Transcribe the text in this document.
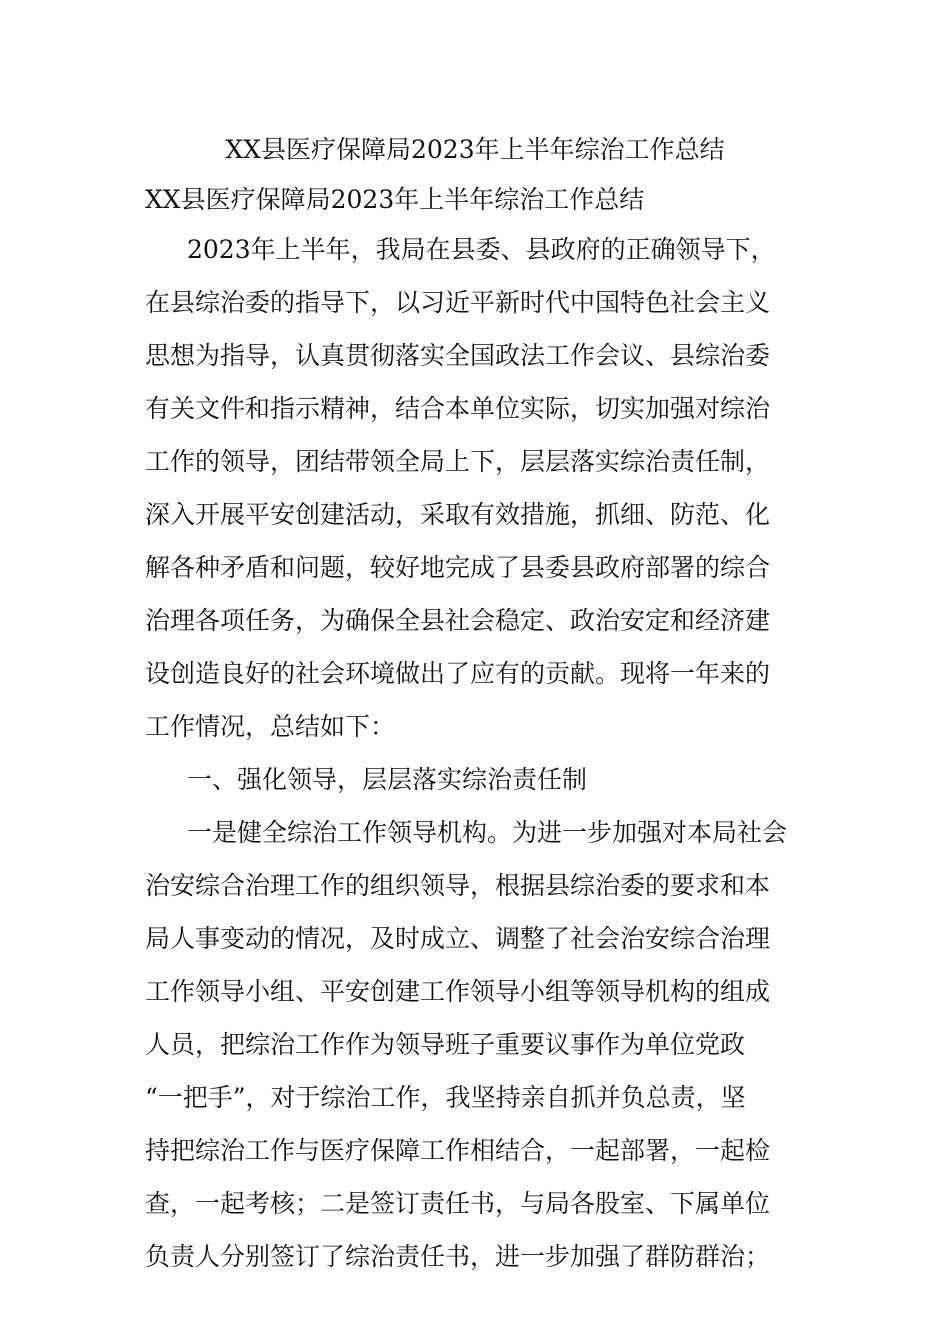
XX县医疗保障局2023年上半年综治工作总结
XX县医疗保障局2023年上半年综治工作总结
2023年上半年，我局在县委、县政府的正确领导下，
在县综治委的指导下，以习近平新时代中国特色社会主义
思想为指导，认真贯彻落实全国政法工作会议、县综治委
有关文件和指示精神，结合本单位实际，切实加强对综治
工作的领导，团结带领全局上下，层层落实综治责任制，
深入开展平安创建活动，采取有效措施，抓细、防范、化
解各种矛盾和问题，较好地完成了县委县政府部署的综合
治理各项任务，为确保全县社会稳定、政治安定和经济建
设创造良好的社会环境做出了应有的贡献。现将一年来的
工作情况，总结如下：
一、强化领导，层层落实综治责任制
一是健全综治工作领导机构。为进一步加强对本局社会
治安综合治理工作的组织领导，根据县综治委的要求和本
局人事变动的情况，及时成立、调整了社会治安综合治理
工作领导小组、平安创建工作领导小组等领导机构的组成
人员，把综治工作作为领导班子重要议事作为单位党政
“一把手”，对于综治工作，我坚持亲自抓并负总责，坚
持把综治工作与医疗保障工作相结合，一起部署，一起检
查，一起考核；二是签订责任书，与局各股室、下属单位
负责人分别签订了综治责任书，进一步加强了群防群治；
